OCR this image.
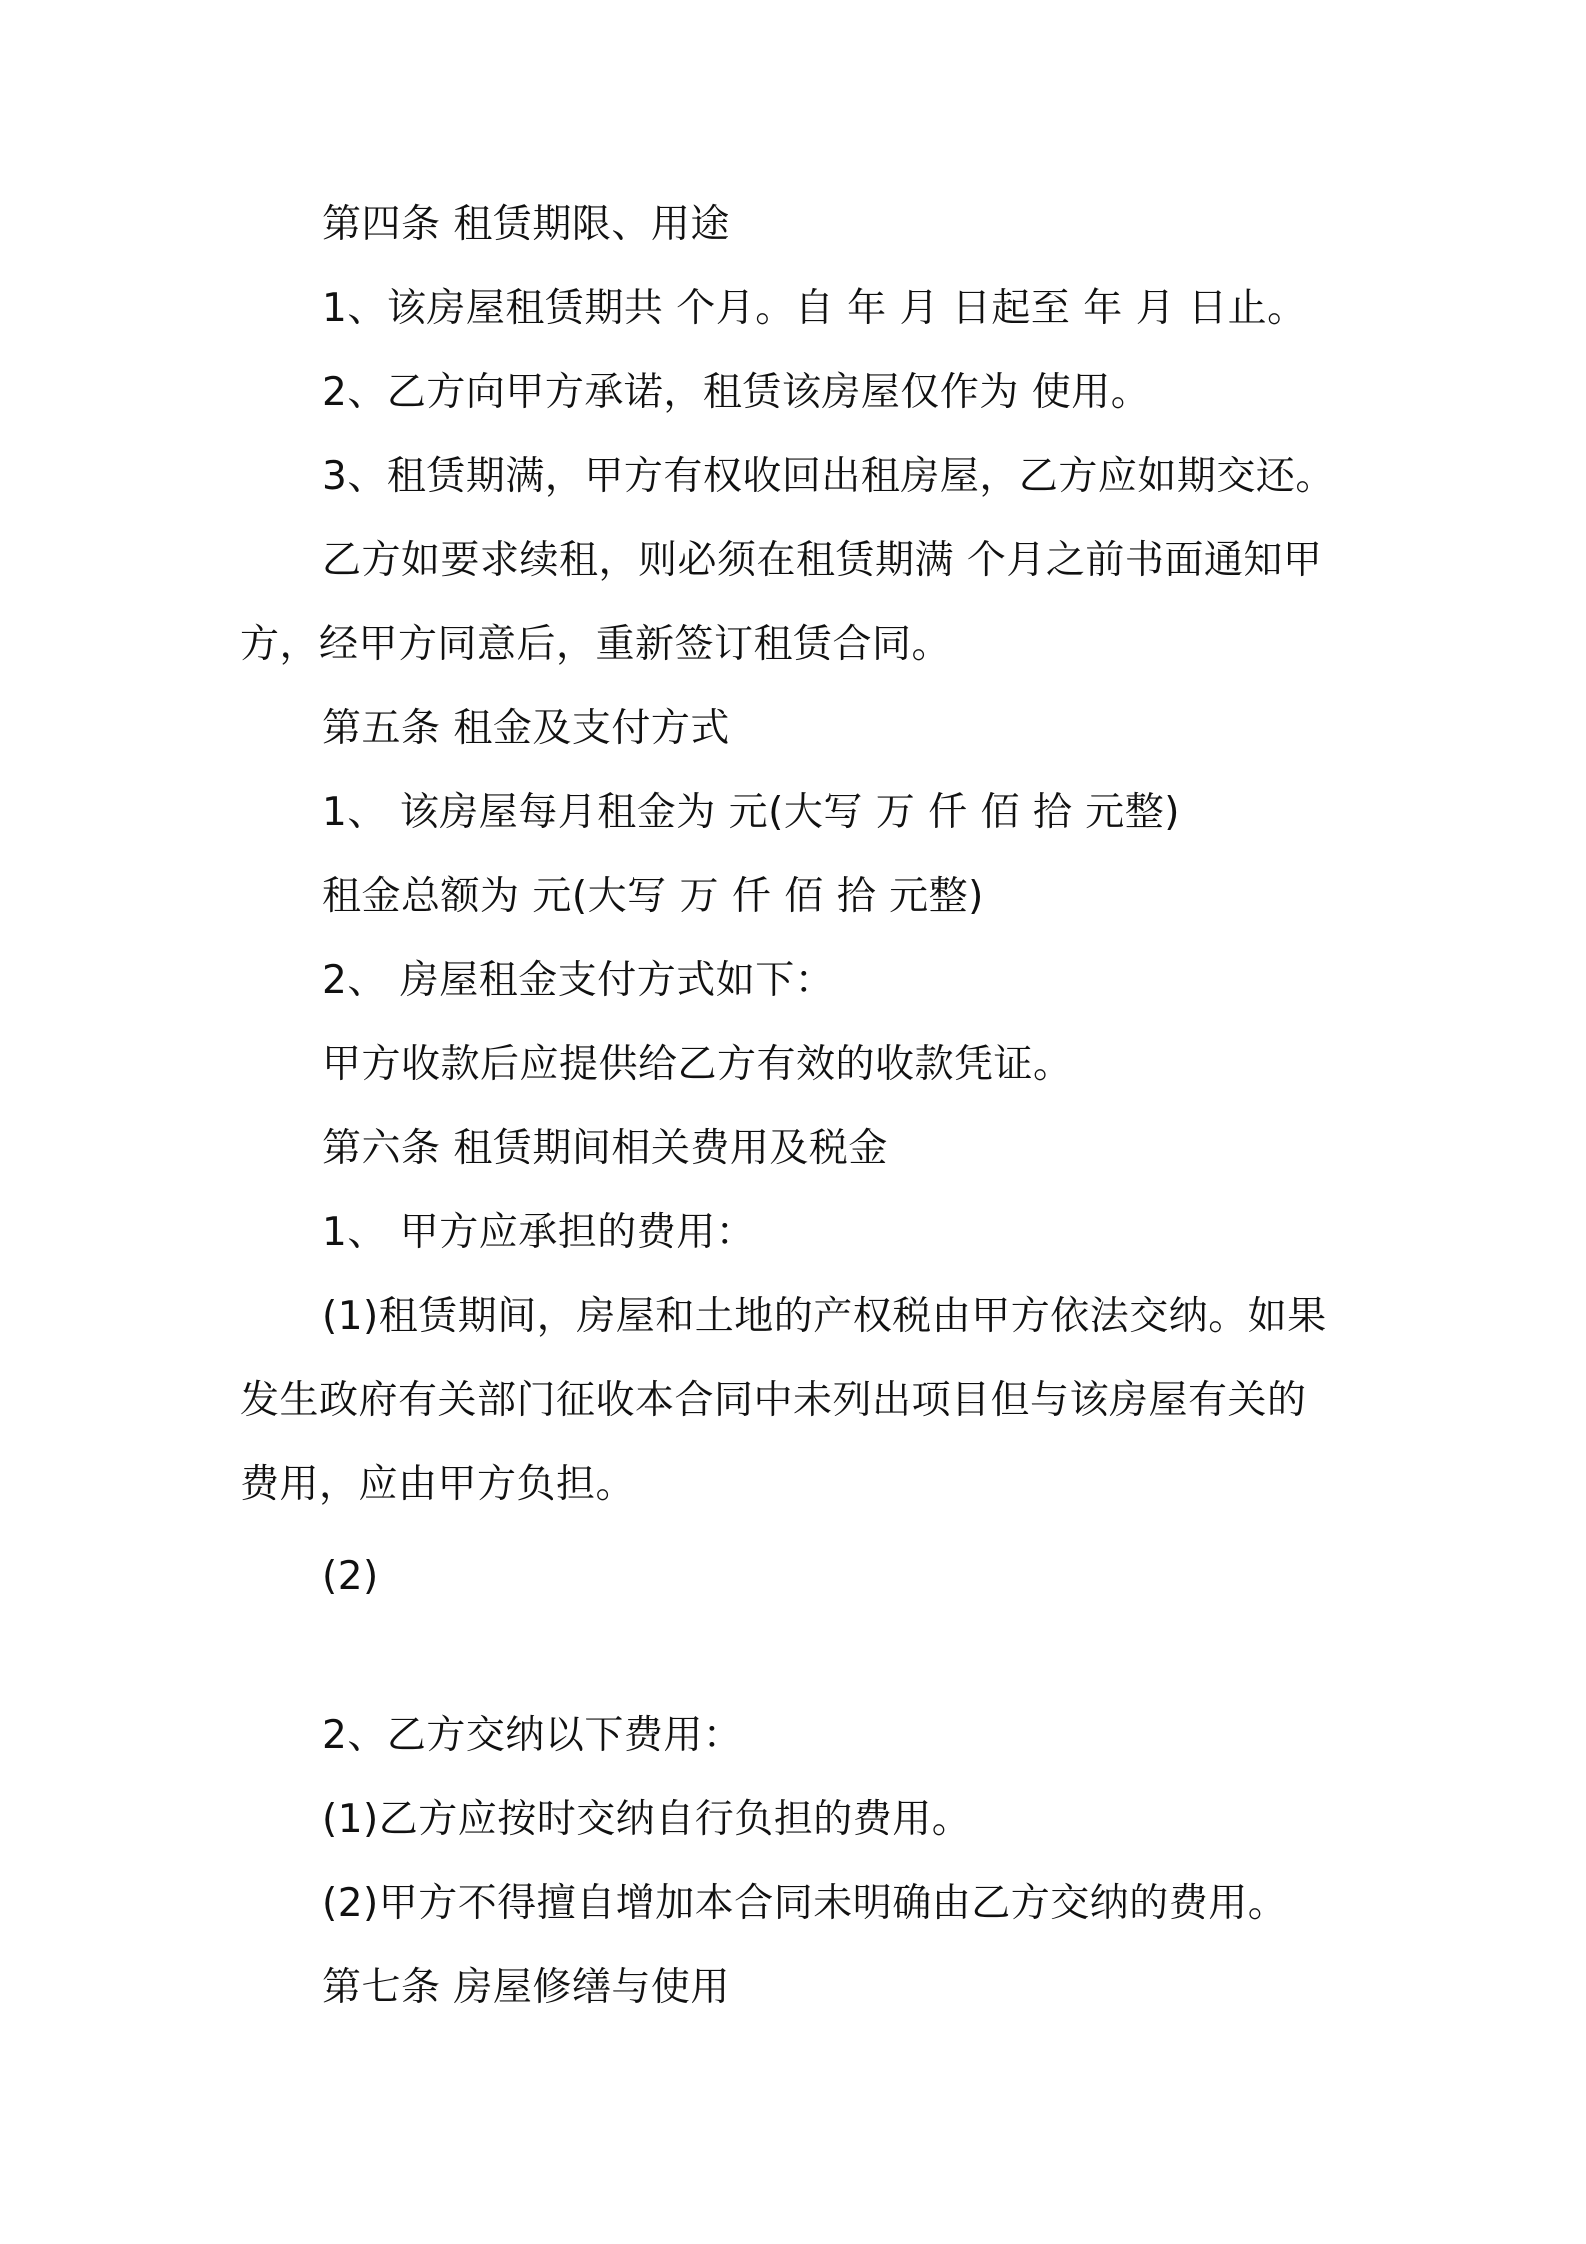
第四条 租赁期限、用途

1、该房屋租赁期共 个月。自 年 月 日起至 年 月 日止。

2、乙方向甲方承诺，租赁该房屋仅作为 使用。

3、租赁期满，甲方有权收回出租房屋，乙方应如期交还。

乙方如要求续租，则必须在租赁期满 个月之前书面通知甲

方，经甲方同意后，重新签订租赁合同。

第五条 租金及支付方式

1、 该房屋每月租金为 元(大写 万 仟 佰 拾 元整)

租金总额为 元(大写 万 仟 佰 拾 元整)

2、 房屋租金支付方式如下：

甲方收款后应提供给乙方有效的收款凭证。

第六条 租赁期间相关费用及税金

1、 甲方应承担的费用：

(1)租赁期间，房屋和土地的产权税由甲方依法交纳。如果

发生政府有关部门征收本合同中未列出项目但与该房屋有关的

费用，应由甲方负担。

(2)

2、乙方交纳以下费用：

(1)乙方应按时交纳自行负担的费用。

(2)甲方不得擅自增加本合同未明确由乙方交纳的费用。

第七条 房屋修缮与使用
